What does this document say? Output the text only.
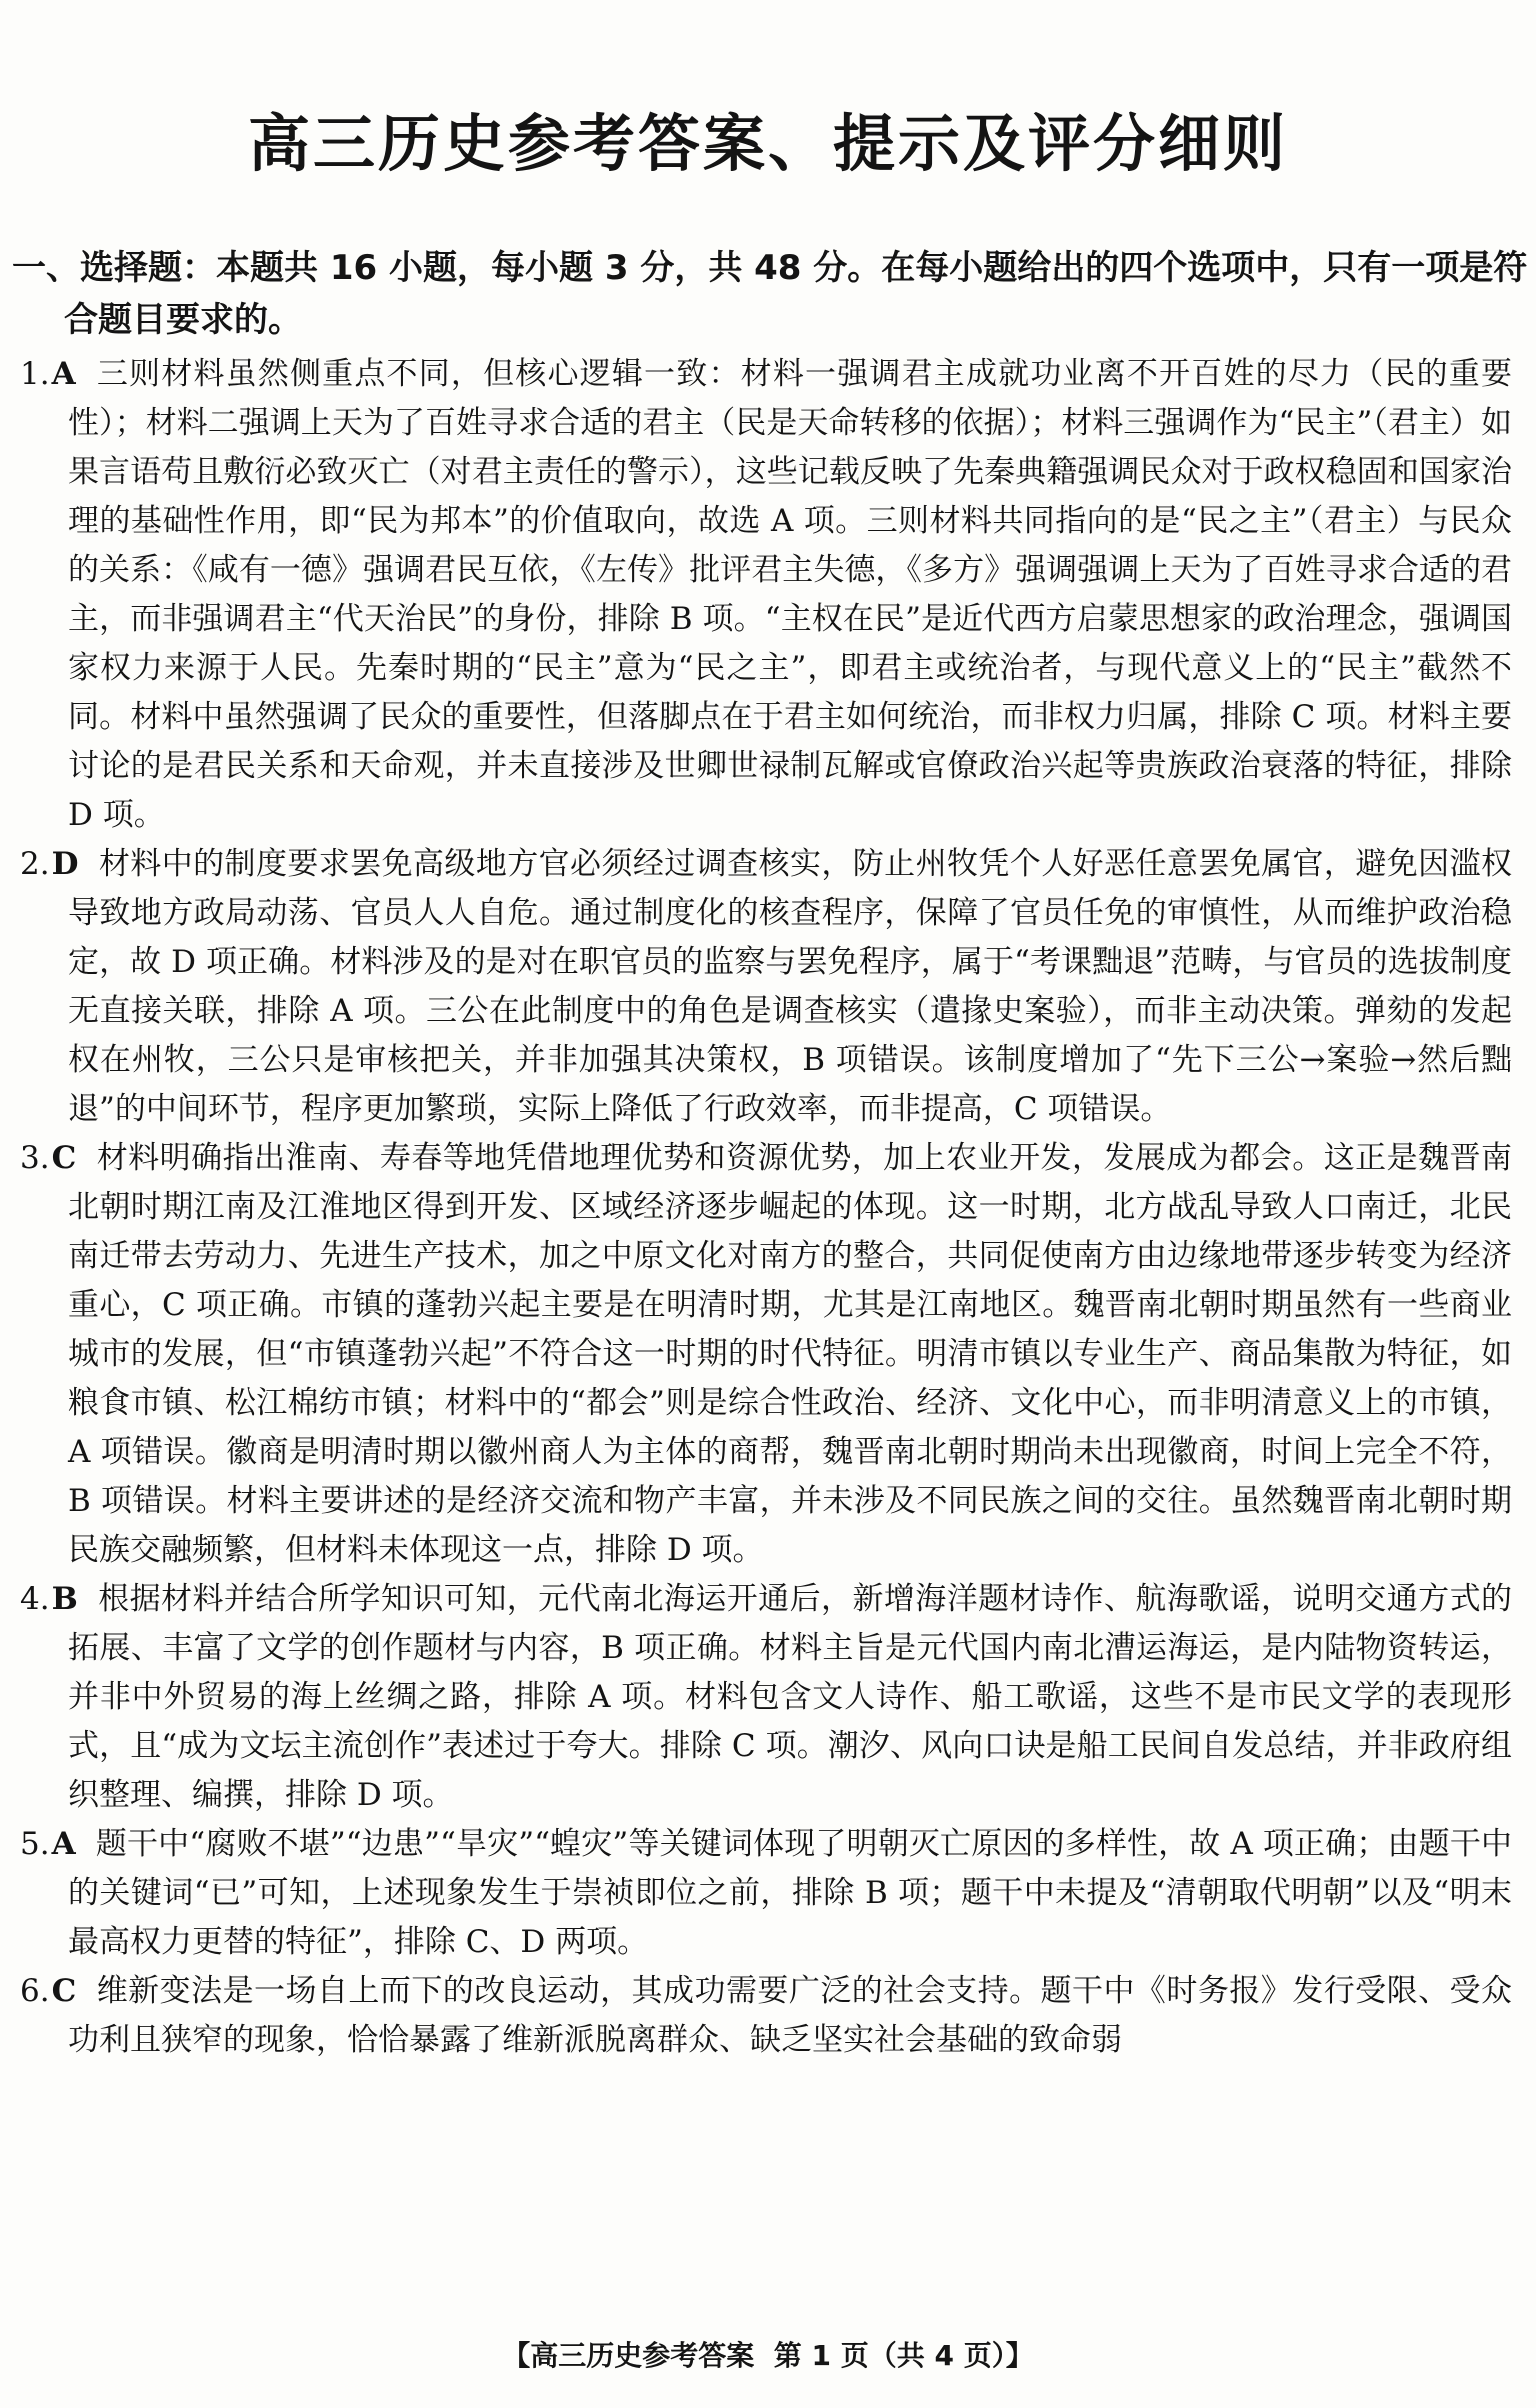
高三历史参考答案、提示及评分细则

一、选择题：本题共 16 小题，每小题 3 分，共 48 分。在每小题给出的四个选项中，只有一项是符合题目要求的。

1.A 三则材料虽然侧重点不同，但核心逻辑一致：材料一强调君主成就功业离不开百姓的尽力（民的重要性）；材料二强调上天为了百姓寻求合适的君主（民是天命转移的依据）；材料三强调作为“民主”（君主）如果言语苟且敷衍必致灭亡（对君主责任的警示），这些记载反映了先秦典籍强调民众对于政权稳固和国家治理的基础性作用，即“民为邦本”的价值取向，故选 A 项。三则材料共同指向的是“民之主”（君主）与民众的关系：《咸有一德》强调君民互依，《左传》批评君主失德，《多方》强调强调上天为了百姓寻求合适的君主，而非强调君主“代天治民”的身份，排除 B 项。“主权在民”是近代西方启蒙思想家的政治理念，强调国家权力来源于人民。先秦时期的“民主”意为“民之主”，即君主或统治者，与现代意义上的“民主”截然不同。材料中虽然强调了民众的重要性，但落脚点在于君主如何统治，而非权力归属，排除 C 项。材料主要讨论的是君民关系和天命观，并未直接涉及世卿世禄制瓦解或官僚政治兴起等贵族政治衰落的特征，排除 D 项。

2.D 材料中的制度要求罢免高级地方官必须经过调查核实，防止州牧凭个人好恶任意罢免属官，避免因滥权导致地方政局动荡、官员人人自危。通过制度化的核查程序，保障了官员任免的审慎性，从而维护政治稳定，故 D 项正确。材料涉及的是对在职官员的监察与罢免程序，属于“考课黜退”范畴，与官员的选拔制度无直接关联，排除 A 项。三公在此制度中的角色是调查核实（遣掾史案验），而非主动决策。弹劾的发起权在州牧，三公只是审核把关，并非加强其决策权，B 项错误。该制度增加了“先下三公→案验→然后黜退”的中间环节，程序更加繁琐，实际上降低了行政效率，而非提高，C 项错误。

3.C 材料明确指出淮南、寿春等地凭借地理优势和资源优势，加上农业开发，发展成为都会。这正是魏晋南北朝时期江南及江淮地区得到开发、区域经济逐步崛起的体现。这一时期，北方战乱导致人口南迁，北民南迁带去劳动力、先进生产技术，加之中原文化对南方的整合，共同促使南方由边缘地带逐步转变为经济重心，C 项正确。市镇的蓬勃兴起主要是在明清时期，尤其是江南地区。魏晋南北朝时期虽然有一些商业城市的发展，但“市镇蓬勃兴起”不符合这一时期的时代特征。明清市镇以专业生产、商品集散为特征，如粮食市镇、松江棉纺市镇；材料中的“都会”则是综合性政治、经济、文化中心，而非明清意义上的市镇，A 项错误。徽商是明清时期以徽州商人为主体的商帮，魏晋南北朝时期尚未出现徽商，时间上完全不符，B 项错误。材料主要讲述的是经济交流和物产丰富，并未涉及不同民族之间的交往。虽然魏晋南北朝时期民族交融频繁，但材料未体现这一点，排除 D 项。

4.B 根据材料并结合所学知识可知，元代南北海运开通后，新增海洋题材诗作、航海歌谣，说明交通方式的拓展、丰富了文学的创作题材与内容，B 项正确。材料主旨是元代国内南北漕运海运，是内陆物资转运，并非中外贸易的海上丝绸之路，排除 A 项。材料包含文人诗作、船工歌谣，这些不是市民文学的表现形式，且“成为文坛主流创作”表述过于夸大。排除 C 项。潮汐、风向口诀是船工民间自发总结，并非政府组织整理、编撰，排除 D 项。

5.A 题干中“腐败不堪”“边患”“旱灾”“蝗灾”等关键词体现了明朝灭亡原因的多样性，故 A 项正确；由题干中的关键词“已”可知，上述现象发生于崇祯即位之前，排除 B 项；题干中未提及“清朝取代明朝”以及“明末最高权力更替的特征”，排除 C、D 两项。

6.C 维新变法是一场自上而下的改良运动，其成功需要广泛的社会支持。题干中《时务报》发行受限、受众功利且狭窄的现象，恰恰暴露了维新派脱离群众、缺乏坚实社会基础的致命弱

【高三历史参考答案 第 1 页（共 4 页）】
